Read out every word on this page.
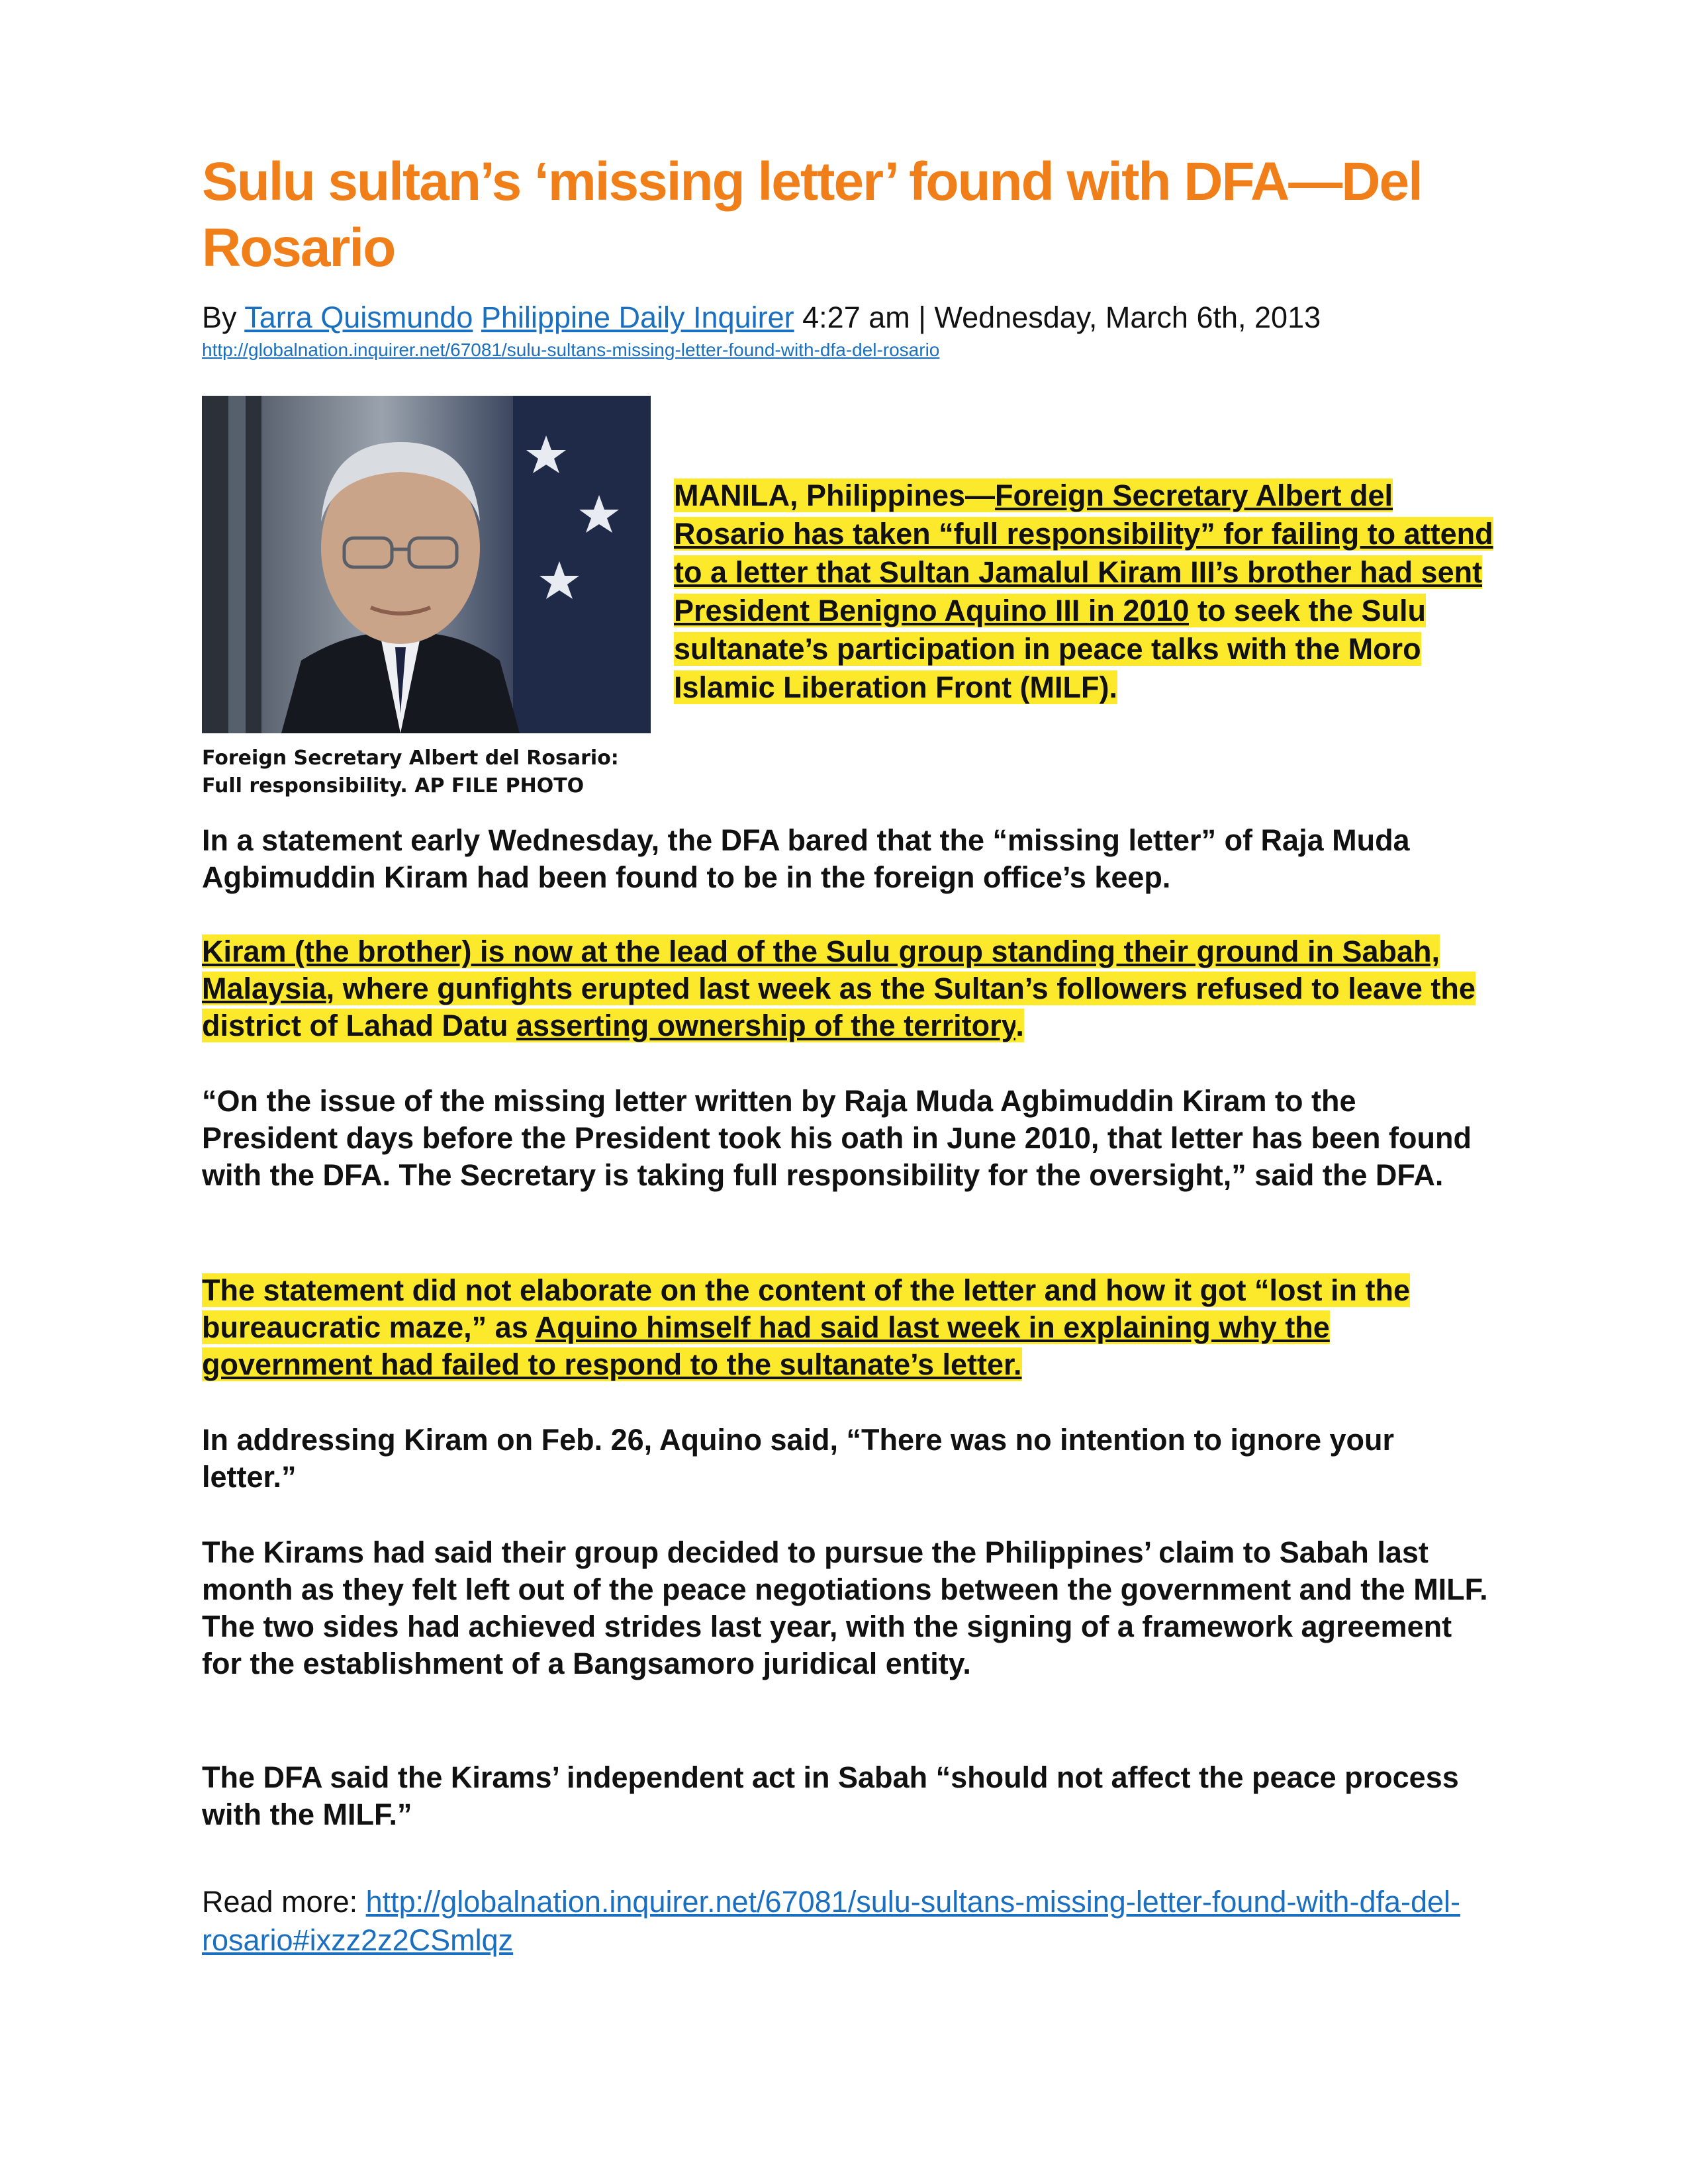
Sulu sultan’s ‘missing letter’ found with DFA—Del Rosario
By Tarra Quismundo Philippine Daily Inquirer 4:27 am | Wednesday, March 6th, 2013
http://globalnation.inquirer.net/67081/sulu-sultans-missing-letter-found-with-dfa-del-rosario
Foreign Secretary Albert del Rosario:
Full responsibility. AP FILE PHOTO

MANILA, Philippines—Foreign Secretary Albert del Rosario has taken “full responsibility” for failing to attend to a letter that Sultan Jamalul Kiram III’s brother had sent President Benigno Aquino III in 2010 to seek the Sulu sultanate’s participation in peace talks with the Moro Islamic Liberation Front (MILF).

In a statement early Wednesday, the DFA bared that the “missing letter” of Raja Muda Agbimuddin Kiram had been found to be in the foreign office’s keep.

Kiram (the brother) is now at the lead of the Sulu group standing their ground in Sabah, Malaysia, where gunfights erupted last week as the Sultan’s followers refused to leave the district of Lahad Datu asserting ownership of the territory.

“On the issue of the missing letter written by Raja Muda Agbimuddin Kiram to the President days before the President took his oath in June 2010, that letter has been found with the DFA. The Secretary is taking full responsibility for the oversight,” said the DFA.

The statement did not elaborate on the content of the letter and how it got “lost in the bureaucratic maze,” as Aquino himself had said last week in explaining why the government had failed to respond to the sultanate’s letter.

In addressing Kiram on Feb. 26, Aquino said, “There was no intention to ignore your letter.”

The Kirams had said their group decided to pursue the Philippines’ claim to Sabah last month as they felt left out of the peace negotiations between the government and the MILF. The two sides had achieved strides last year, with the signing of a framework agreement for the establishment of a Bangsamoro juridical entity.

The DFA said the Kirams’ independent act in Sabah “should not affect the peace process with the MILF.”

Read more: http://globalnation.inquirer.net/67081/sulu-sultans-missing-letter-found-with-dfa-del-rosario#ixzz2z2CSmlqz
